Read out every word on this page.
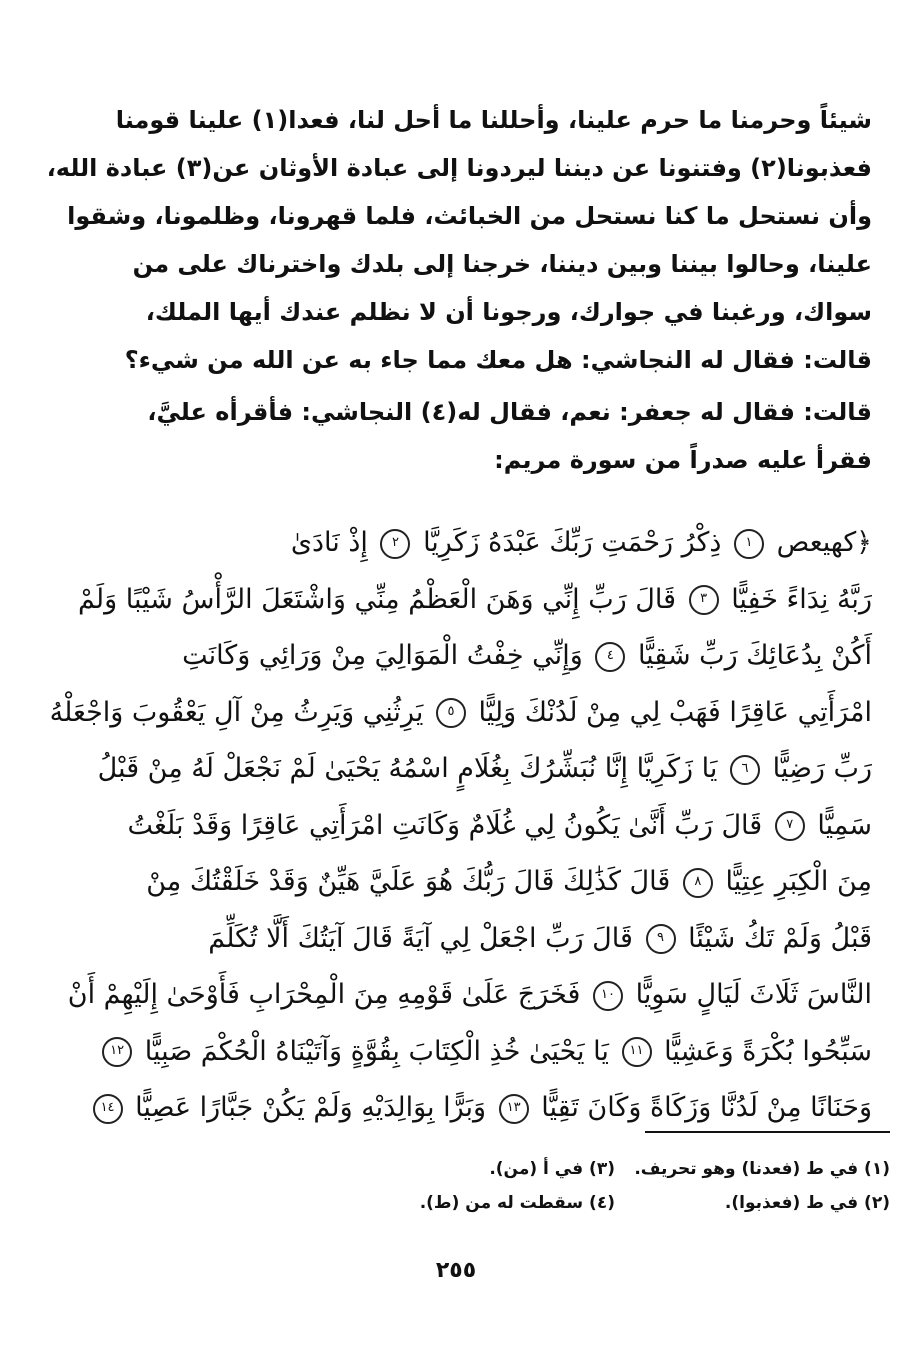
شيئاً وحرمنا ما حرم علينا، وأحللنا ما أحل لنا، فعدا(١) علينا قومنا
فعذبونا(٢) وفتنونا عن ديننا ليردونا إلى عبادة الأوثان عن(٣) عبادة الله،
وأن نستحل ما كنا نستحل من الخبائث، فلما قهرونا، وظلمونا، وشقوا
علينا، وحالوا بيننا وبين ديننا، خرجنا إلى بلدك واخترناك على من
سواك، ورغبنا في جوارك، ورجونا أن لا نظلم عندك أيها الملك،
قالت: فقال له النجاشي: هل معك مما جاء به عن الله من شيء؟
قالت: فقال له جعفر: نعم، فقال له(٤) النجاشي: فأقرأه عليَّ،
فقرأ عليه صدراً من سورة مريم:
﴿كهيعص ١ ذِكْرُ رَحْمَتِ رَبِّكَ عَبْدَهُ زَكَرِيَّا ٢ إِذْ نَادَىٰ
رَبَّهُ نِدَاءً خَفِيًّا ٣ قَالَ رَبِّ إِنِّي وَهَنَ الْعَظْمُ مِنِّي وَاشْتَعَلَ الرَّأْسُ شَيْبًا وَلَمْ
أَكُنْ بِدُعَائِكَ رَبِّ شَقِيًّا ٤ وَإِنِّي خِفْتُ الْمَوَالِيَ مِنْ وَرَائِي وَكَانَتِ
امْرَأَتِي عَاقِرًا فَهَبْ لِي مِنْ لَدُنْكَ وَلِيًّا ٥ يَرِثُنِي وَيَرِثُ مِنْ آلِ يَعْقُوبَ وَاجْعَلْهُ
رَبِّ رَضِيًّا ٦ يَا زَكَرِيَّا إِنَّا نُبَشِّرُكَ بِغُلَامٍ اسْمُهُ يَحْيَىٰ لَمْ نَجْعَلْ لَهُ مِنْ قَبْلُ
سَمِيًّا ٧ قَالَ رَبِّ أَنَّىٰ يَكُونُ لِي غُلَامٌ وَكَانَتِ امْرَأَتِي عَاقِرًا وَقَدْ بَلَغْتُ
مِنَ الْكِبَرِ عِتِيًّا ٨ قَالَ كَذَٰلِكَ قَالَ رَبُّكَ هُوَ عَلَيَّ هَيِّنٌ وَقَدْ خَلَقْتُكَ مِنْ
قَبْلُ وَلَمْ تَكُ شَيْئًا ٩ قَالَ رَبِّ اجْعَلْ لِي آيَةً قَالَ آيَتُكَ أَلَّا تُكَلِّمَ
النَّاسَ ثَلَاثَ لَيَالٍ سَوِيًّا ١٠ فَخَرَجَ عَلَىٰ قَوْمِهِ مِنَ الْمِحْرَابِ فَأَوْحَىٰ إِلَيْهِمْ أَنْ
سَبِّحُوا بُكْرَةً وَعَشِيًّا ١١ يَا يَحْيَىٰ خُذِ الْكِتَابَ بِقُوَّةٍ وَآتَيْنَاهُ الْحُكْمَ صَبِيًّا ١٢
وَحَنَانًا مِنْ لَدُنَّا وَزَكَاةً وَكَانَ تَقِيًّا ١٣ وَبَرًّا بِوَالِدَيْهِ وَلَمْ يَكُنْ جَبَّارًا عَصِيًّا ١٤
(١) في ط (فعدنا) وهو تحريف.
(٣) في أ (من).
(٢) في ط (فعذبوا).
(٤) سقطت له من (ط).
٢٥٥
